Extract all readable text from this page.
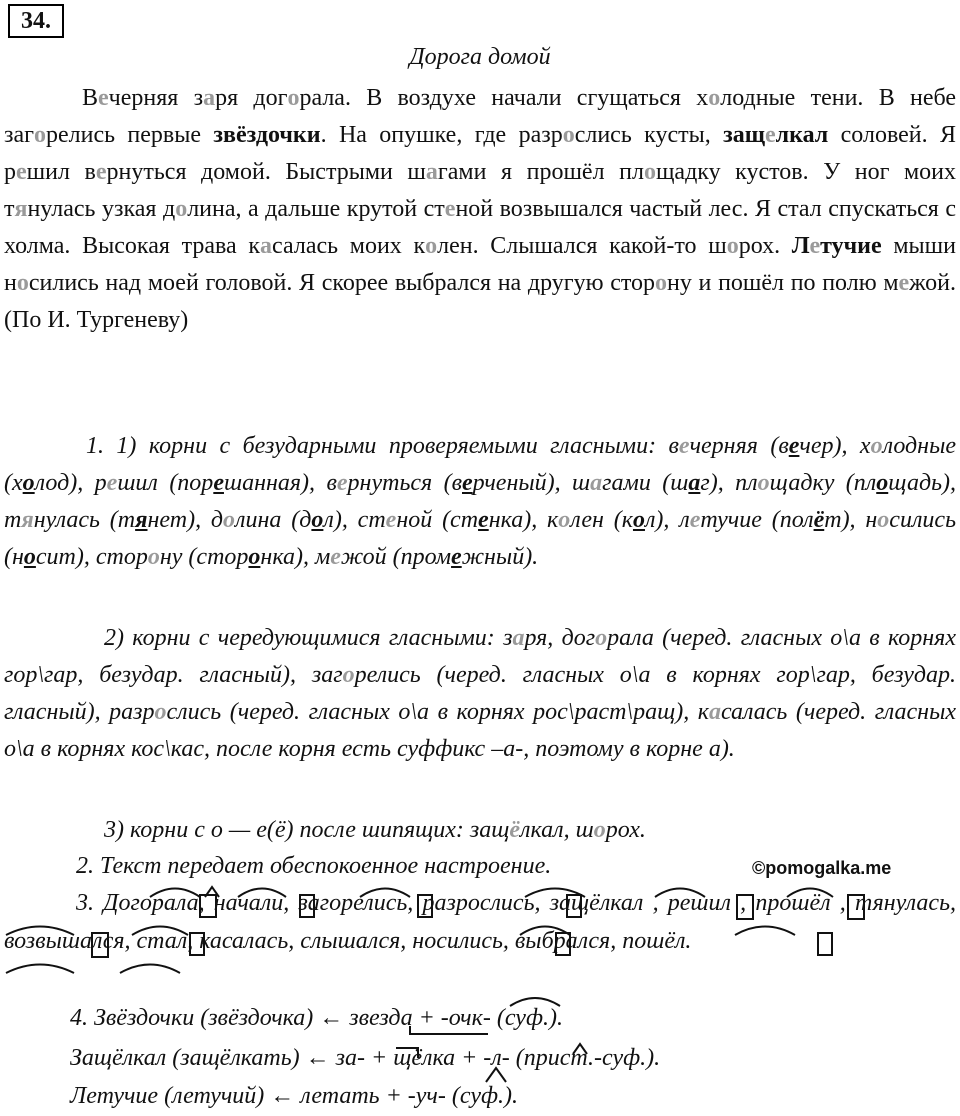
34.
Дорога домой

Вечерняя заря догорала. В воздухе начали сгущаться холодные тени. В небе загорелись первые звёздочки. На опушке, где разрослись кусты, защелкал соловей. Я решил вернуться домой. Быстрыми шагами я прошёл площадку кустов. У ног моих тянулась узкая долина, а дальше крутой стеной возвышался частый лес. Я стал спускаться с холма. Высокая трава касалась моих колен. Слышался какой-то шорох. Летучие мыши носились над моей головой. Я скорее выбрался на другую сторону и пошёл по полю межой. (По И. Тургеневу)

1. 1) корни с безударными проверяемыми гласными: вечерняя (вечер), холодные (холод), решил (порешанная), вернуться (верченый), шагами (шаг), площадку (площадь), тянулась (тянет), долина (дол), стеной (стенка), колен (кол), летучие (полёт), носились (носит), сторону (сторонка), межой (промежный).

2) корни с чередующимися гласными: заря, догорала (черед. гласных о\а в корнях гор\гар, безудар. гласный), загорелись (черед. гласных о\а в корнях гор\гар, безудар. гласный), разрослись (черед. гласных о\а в корнях рос\раст\ращ), касалась (черед. гласных о\а в корнях кос\кас, после корня есть суффикс –а-, поэтому в корне а).

3) корни с о — е(ё) после шипящих: защёлкал, шорох.

2. Текст передает обеспокоенное настроение.	©pomogalka.me

3. Догорала, начали, загорелись, разрослись, защёлкал , решил , прошёл , тянулась, возвышался, стал, касалась, слышался, носились, выбрался, пошёл.

4. Звёздочки (звёздочка) ← звезда + -очк- (суф.).

Защёлкал (защёлкать) ← за- + щёлка + -л- (прист.-суф.).

Летучие (летучий) ← летать + -уч- (суф.).
